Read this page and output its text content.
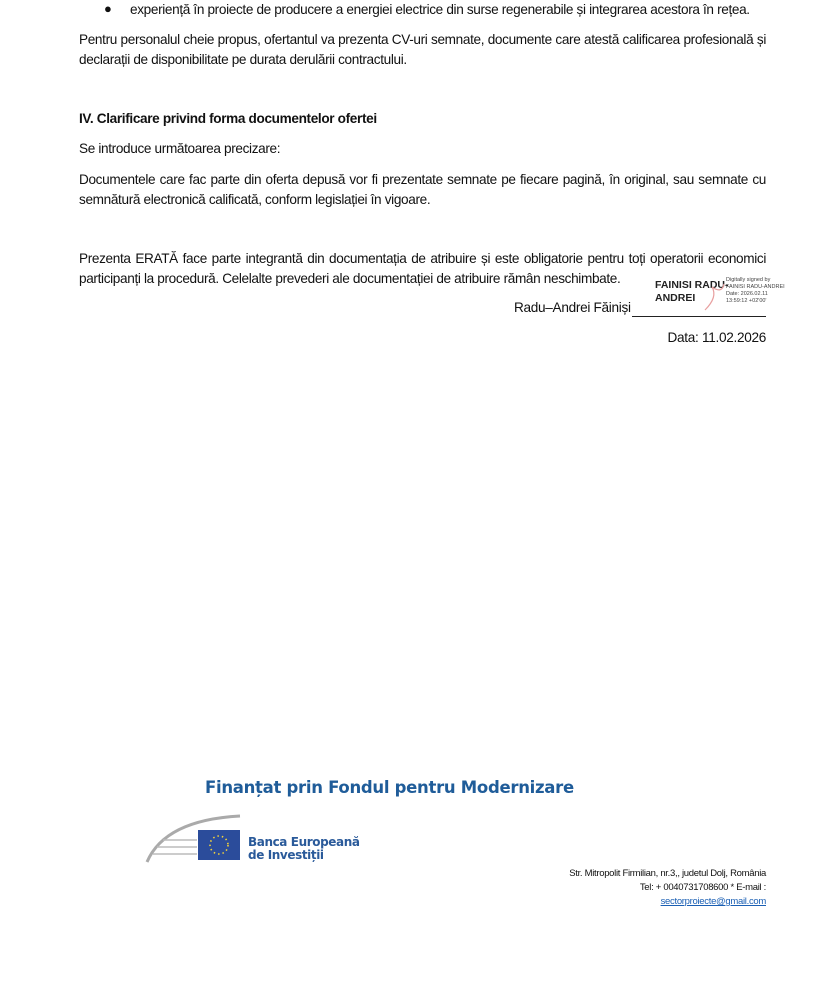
● experiență în proiecte de producere a energiei electrice din surse regenerabile și integrarea acestora în rețea.
Pentru personalul cheie propus, ofertantul va prezenta CV-uri semnate, documente care atestă calificarea profesională și declarații de disponibilitate pe durata derulării contractului.
IV. Clarificare privind forma documentelor ofertei
Se introduce următoarea precizare:
Documentele care fac parte din oferta depusă vor fi prezentate semnate pe fiecare pagină, în original, sau semnate cu semnătură electronică calificată, conform legislației în vigoare.
Prezenta ERATĂ face parte integrantă din documentația de atribuire și este obligatorie pentru toți operatorii economici participanți la procedură. Celelalte prevederi ale documentației de atribuire rămân neschimbate.
Radu–Andrei Făiniși
FAINISI RADU-
ANDREI
Digitally signed by
FAINISI RADU-ANDREI
Date: 2026.02.11
13:59:12 +02'00'
Data: 11.02.2026
Finanțat prin Fondul pentru Modernizare
Banca Europeană
de Investiții
Str. Mitropolit Firmilian, nr.3,, judetul Dolj, România
Tel: + 0040731708600 * E-mail :
sectorproiecte@gmail.com
